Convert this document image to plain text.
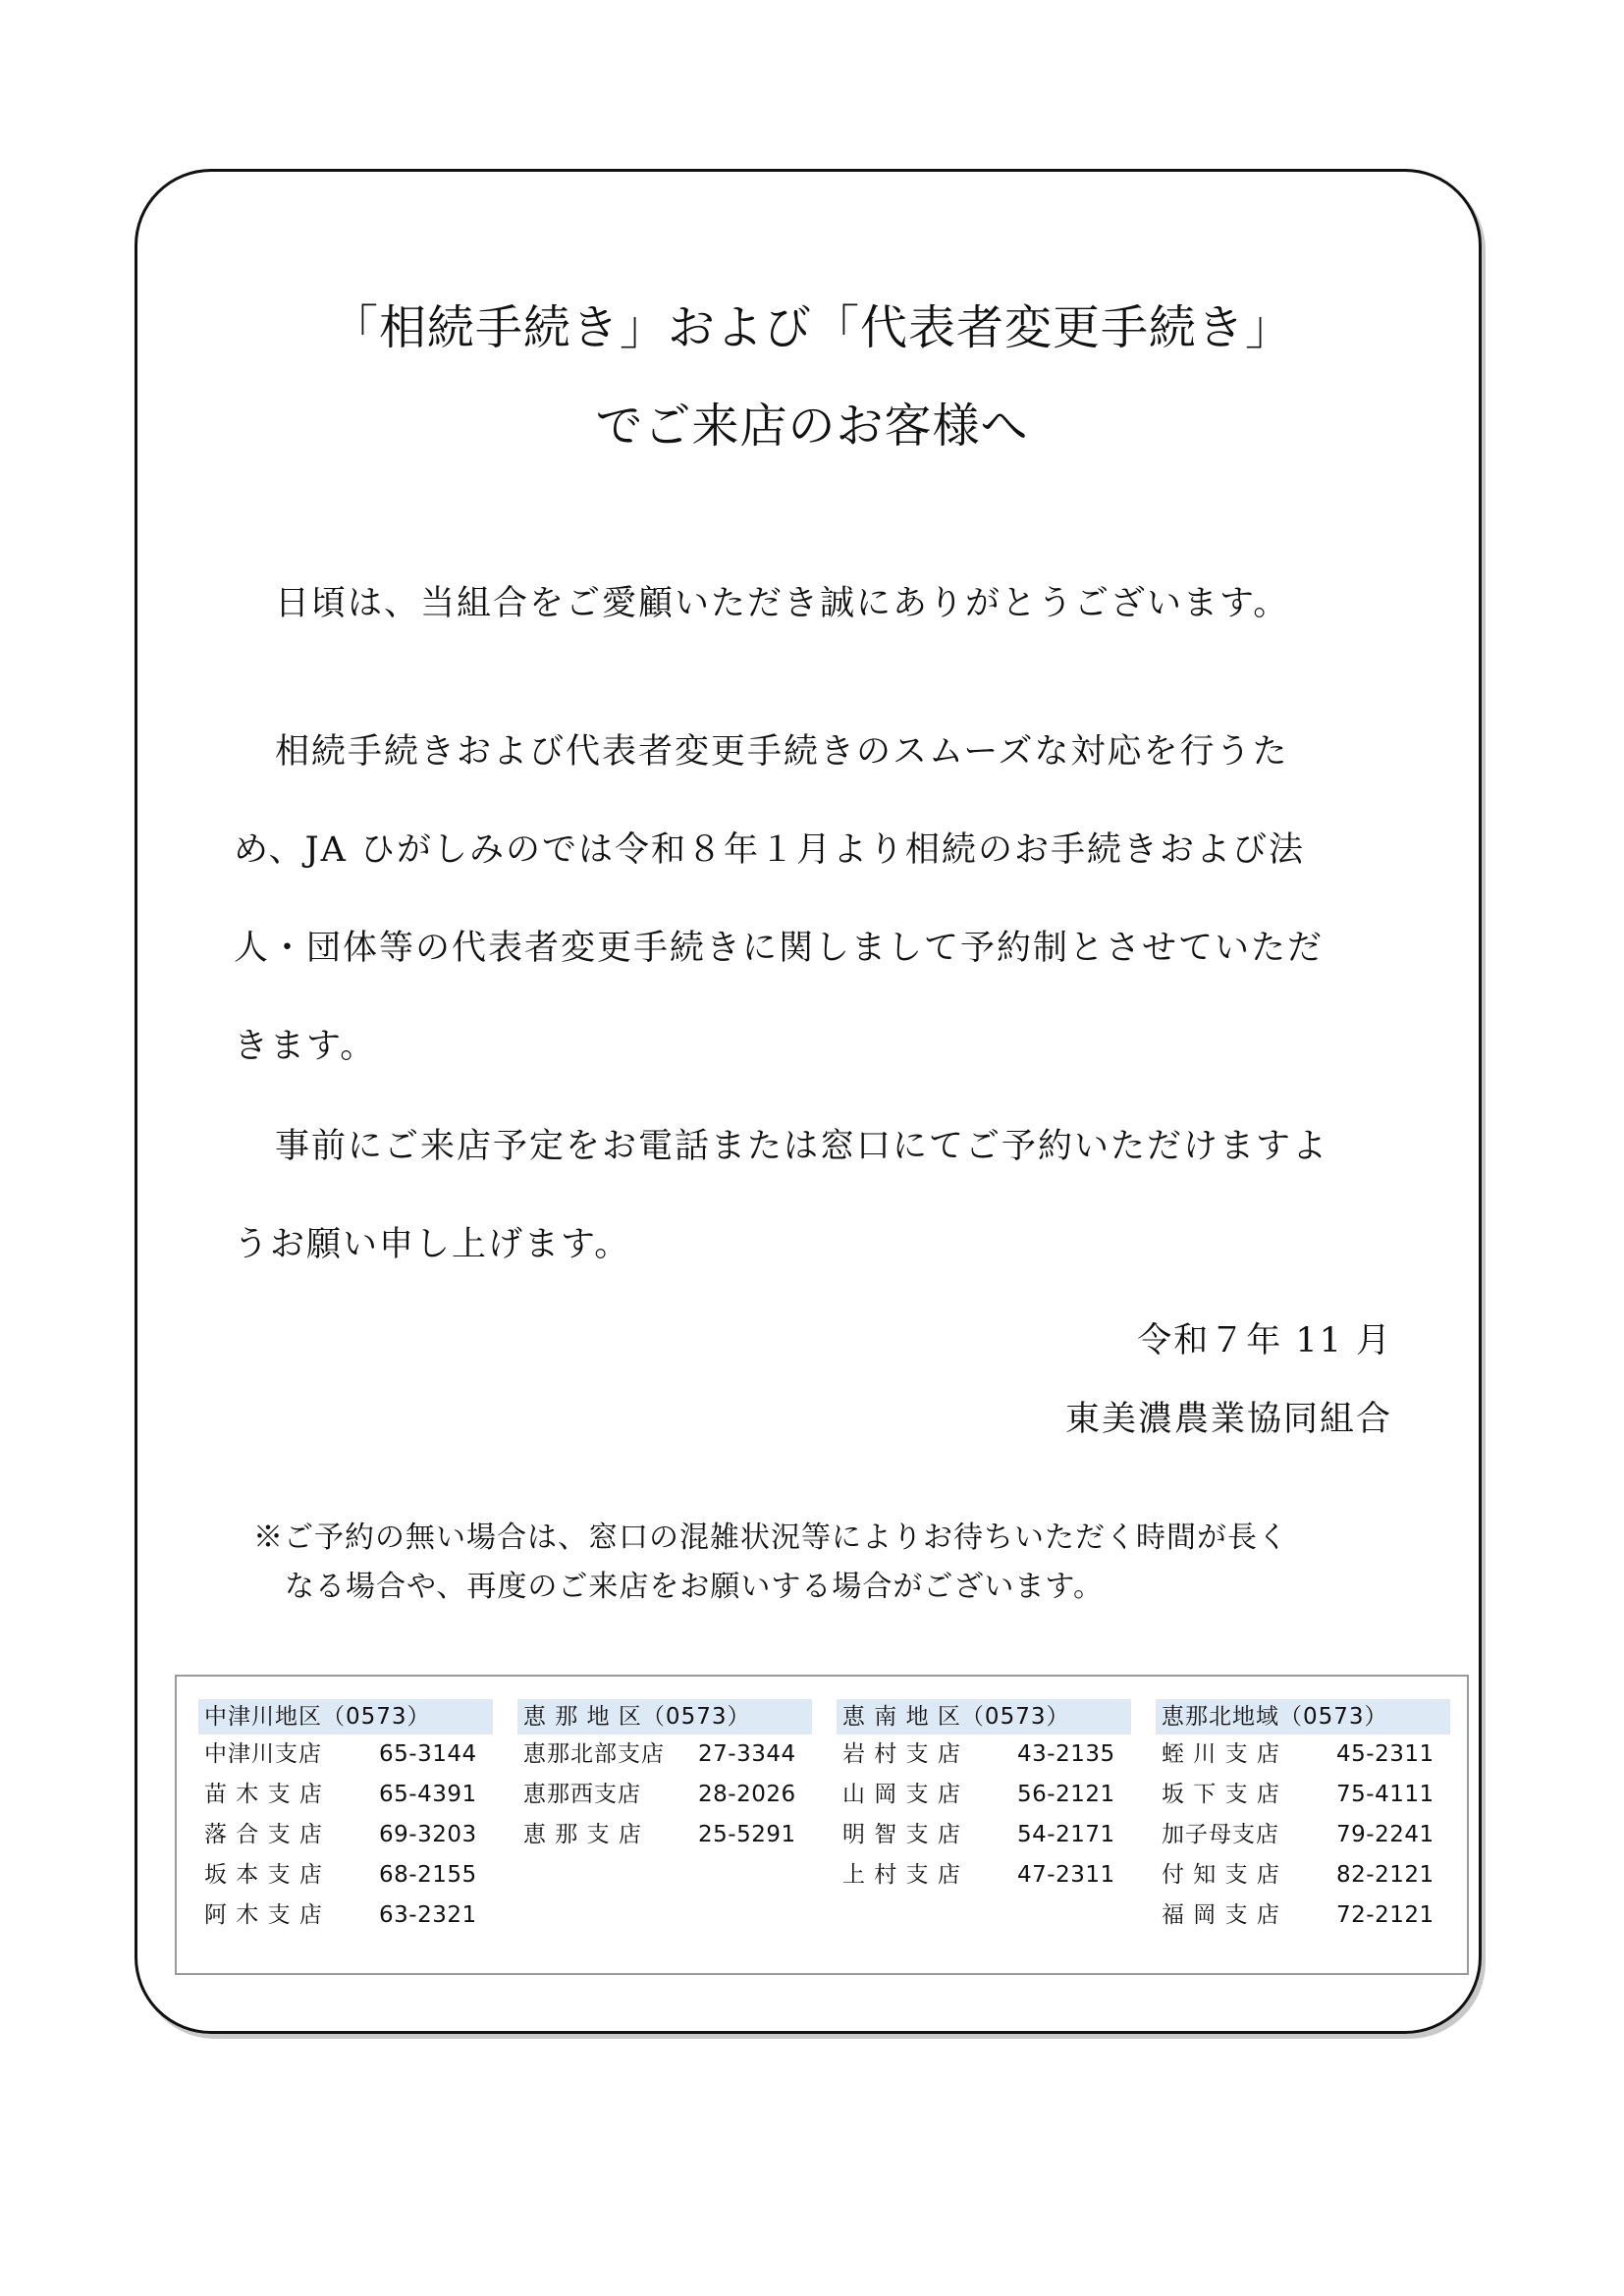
「相続手続き」および「代表者変更手続き」
でご来店のお客様へ
日頃は、当組合をご愛顧いただき誠にありがとうございます。
相続手続きおよび代表者変更手続きのスムーズな対応を行うた
め、JA ひがしみのでは令和８年１月より相続のお手続きおよび法
人・団体等の代表者変更手続きに関しまして予約制とさせていただ
きます。
事前にご来店予定をお電話または窓口にてご予約いただけますよ
うお願い申し上げます。
令和７年 11 月
東美濃農業協同組合
※ご予約の無い場合は、窓口の混雑状況等によりお待ちいただく時間が長く
なる場合や、再度のご来店をお願いする場合がございます。
中津川地区（0573）
中津川支店	65-3144
苗 木 支 店	65-4391
落 合 支 店	69-3203
坂 本 支 店	68-2155
阿 木 支 店	63-2321
恵 那 地 区（0573）
恵那北部支店	27-3344
恵那西支店	28-2026
恵 那 支 店	25-5291
恵 南 地 区（0573）
岩 村 支 店	43-2135
山 岡 支 店	56-2121
明 智 支 店	54-2171
上 村 支 店	47-2311
恵那北地域（0573）
蛭 川 支 店	45-2311
坂 下 支 店	75-4111
加子母支店	79-2241
付 知 支 店	82-2121
福 岡 支 店	72-2121
